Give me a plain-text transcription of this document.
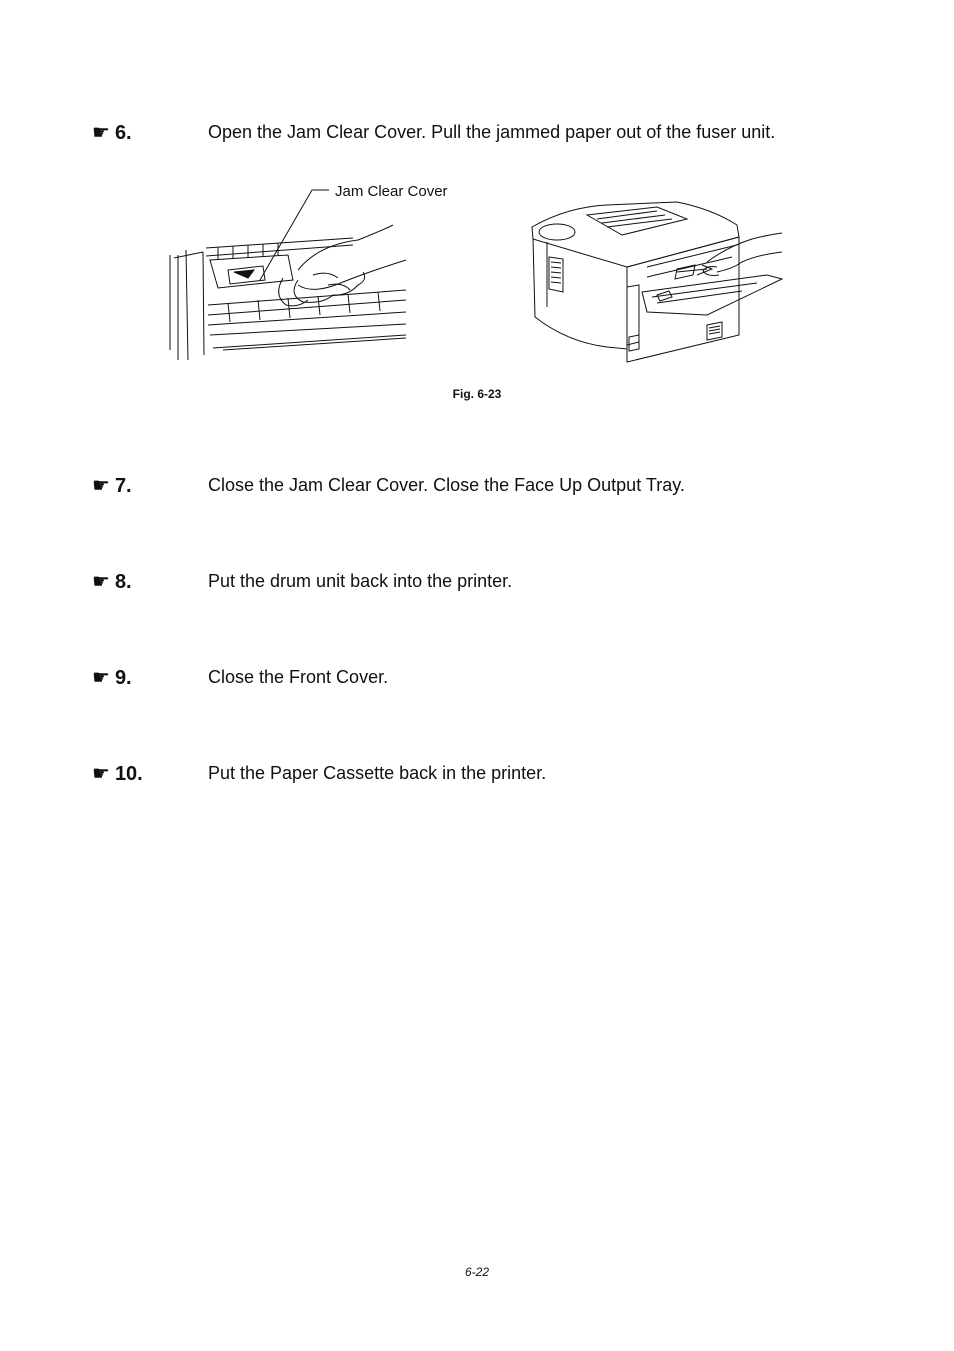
☛ 6.	Open the Jam Clear Cover. Pull the jammed paper out of the fuser unit.
Jam Clear Cover
Fig. 6-23
☛ 7.	Close the Jam Clear Cover. Close the Face Up Output Tray.
☛ 8.	Put the drum unit back into the printer.
☛ 9.	Close the Front Cover.
☛ 10.	Put the Paper Cassette back in the printer.
6-22
